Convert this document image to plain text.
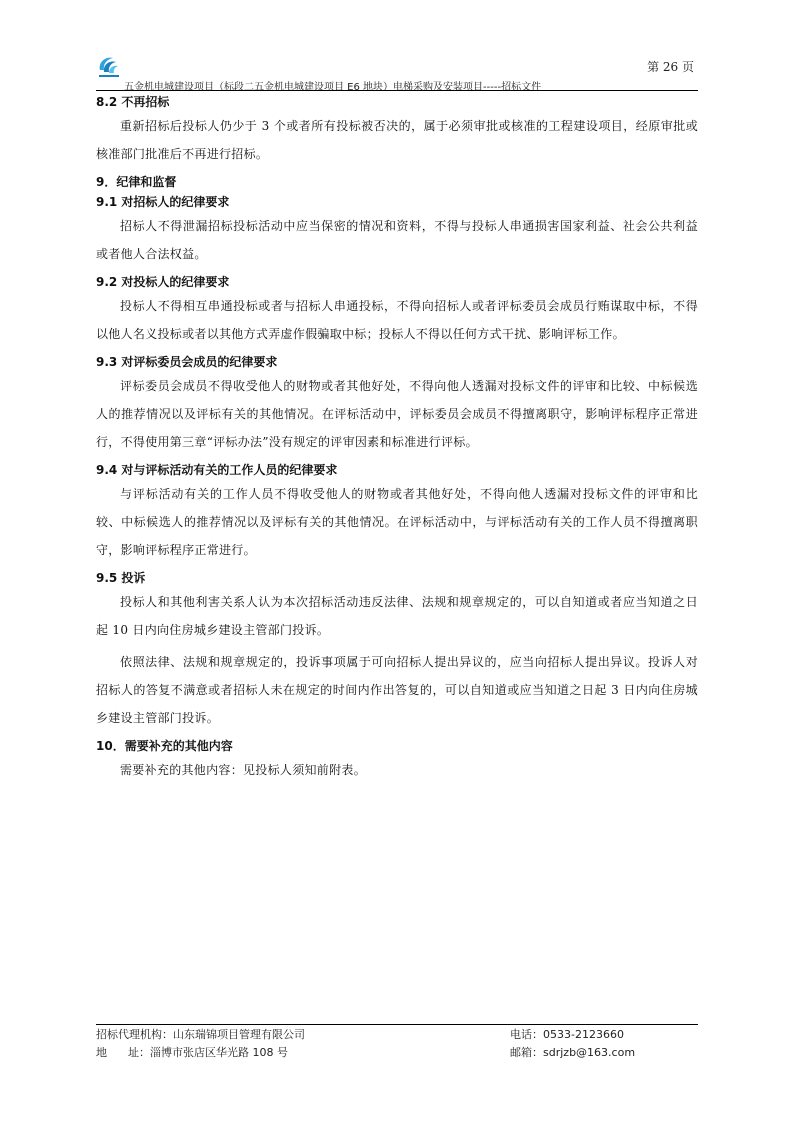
五金机电城建设项目（标段二五金机电城建设项目 E6 地块）电梯采购及安装项目-----招标文件
第 26 页
8.2 不再招标

重新招标后投标人仍少于 3 个或者所有投标被否决的，属于必须审批或核准的工程建设项目，经原审批或核准部门批准后不再进行招标。

9．纪律和监督
9.1 对招标人的纪律要求

招标人不得泄漏招标投标活动中应当保密的情况和资料，不得与投标人串通损害国家利益、社会公共利益或者他人合法权益。

9.2 对投标人的纪律要求

投标人不得相互串通投标或者与招标人串通投标，不得向招标人或者评标委员会成员行贿谋取中标，不得以他人名义投标或者以其他方式弄虚作假骗取中标；投标人不得以任何方式干扰、影响评标工作。

9.3 对评标委员会成员的纪律要求

评标委员会成员不得收受他人的财物或者其他好处，不得向他人透漏对投标文件的评审和比较、中标候选人的推荐情况以及评标有关的其他情况。在评标活动中，评标委员会成员不得擅离职守，影响评标程序正常进行，不得使用第三章“评标办法”没有规定的评审因素和标准进行评标。

9.4 对与评标活动有关的工作人员的纪律要求

与评标活动有关的工作人员不得收受他人的财物或者其他好处，不得向他人透漏对投标文件的评审和比较、中标候选人的推荐情况以及评标有关的其他情况。在评标活动中，与评标活动有关的工作人员不得擅离职守，影响评标程序正常进行。

9.5 投诉

投标人和其他利害关系人认为本次招标活动违反法律、法规和规章规定的，可以自知道或者应当知道之日起 10 日内向住房城乡建设主管部门投诉。

依照法律、法规和规章规定的，投诉事项属于可向招标人提出异议的，应当向招标人提出异议。投诉人对招标人的答复不满意或者招标人未在规定的时间内作出答复的，可以自知道或应当知道之日起 3 日内向住房城乡建设主管部门投诉。

10．需要补充的其他内容

需要补充的其他内容：见投标人须知前附表。

招标代理机构：山东瑞锦项目管理有限公司	电话：0533-2123660
地      址：淄博市张店区华光路 108 号	邮箱：sdrjzb@163.com
